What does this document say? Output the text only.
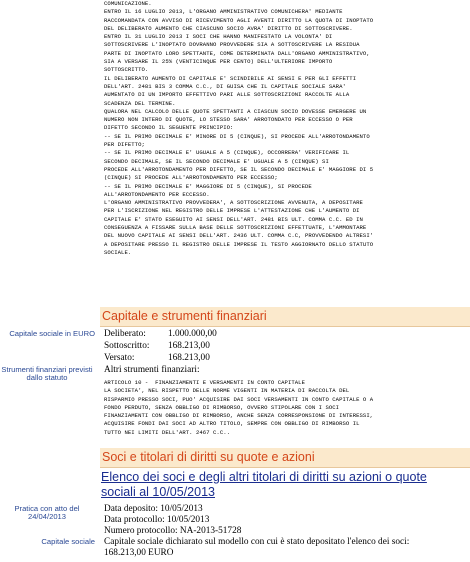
COMUNICAZIONE.
ENTRO IL 16 LUGLIO 2013, L'ORGANO AMMINISTRATIVO COMUNICHERA' MEDIANTE
RACCOMANDATA CON AVVISO DI RICEVIMENTO AGLI AVENTI DIRITTO LA QUOTA DI INOPTATO
DEL DELIBERATO AUMENTO CHE CIASCUNO SOCIO AVRA' DIRITTO DI SOTTOSCRIVERE.
ENTRO IL 31 LUGLIO 2013 I SOCI CHE HANNO MANIFESTATO LA VOLONTA' DI
SOTTOSCRIVERE L'INOPTATO DOVRANNO PROVVEDERE SIA A SOTTOSCRIVERE LA RESIDUA
PARTE DI INOPTATO LORO SPETTANTE, COME DETERMINATA DALL'ORGANO AMMINISTRATIVO,
SIA A VERSARE IL 25% (VENTICINQUE PER CENTO) DELL'ULTERIORE IMPORTO
SOTTOSCRITTO.
IL DELIBERATO AUMENTO DI CAPITALE E' SCINDIBILE AI SENSI E PER GLI EFFETTI
DELL'ART. 2481 BIS 3 COMMA C.C., DI GUISA CHE IL CAPITALE SOCIALE SARA'
AUMENTATO DI UN IMPORTO EFFETTIVO PARI ALLE SOTTOSCRIZIONI RACCOLTE ALLA
SCADENZA DEL TERMINE.
QUALORA NEL CALCOLO DELLE QUOTE SPETTANTI A CIASCUN SOCIO DOVESSE EMERGERE UN
NUMERO NON INTERO DI QUOTE, LO STESSO SARA' ARROTONDATO PER ECCESSO O PER
DIFETTO SECONDO IL SEGUENTE PRINCIPIO:
-- SE IL PRIMO DECIMALE E' MINORE DI 5 (CINQUE), SI PROCEDE ALL'ARROTONDAMENTO
PER DIFETTO;
-- SE IL PRIMO DECIMALE E' UGUALE A 5 (CINQUE), OCCORRERA' VERIFICARE IL
SECONDO DECIMALE, SE IL SECONDO DECIMALE E' UGUALE A 5 (CINQUE) SI
PROCEDE ALL'ARROTONDAMENTO PER DIFETTO, SE IL SECONDO DECIMALE E' MAGGIORE DI 5
(CINQUE) SI PROCEDE ALL'ARROTONDAMENTO PER ECCESSO;
-- SE IL PRIMO DECIMALE E' MAGGIORE DI 5 (CINQUE), SI PROCEDE
ALL'ARROTONDAMENTO PER ECCESSO.
L'ORGANO AMMINISTRATIVO PROVVEDERA', A SOTTOSCRIZIONE AVVENUTA, A DEPOSITARE
PER L'ISCRIZIONE NEL REGISTRO DELLE IMPRESE L'ATTESTAZIONE CHE L'AUMENTO DI
CAPITALE E' STATO ESEGUITO AI SENSI DELL'ART. 2481 BIS ULT. COMMA C.C. ED IN
CONSEGUENZA A FISSARE SULLA BASE DELLE SOTTOSCRIZIONI EFFETTUATE, L'AMMONTARE
DEL NUOVO CAPITALE AI SENSI DELL'ART. 2436 ULT. COMMA C.C, PROVVEDENDO ALTRESI'
A DEPOSITARE PRESSO IL REGISTRO DELLE IMPRESE IL TESTO AGGIORNATO DELLO STATUTO
SOCIALE.
Capitale e strumenti finanziari
Capitale sociale in EURO Deliberato: 1.000.000,00
Sottoscritto: 168.213,00
Versato:	168.213,00
Strumenti finanziari previsti dallo statuto
Altri strumenti finanziari:
ARTICOLO 10 -  FINANZIAMENTI E VERSAMENTI IN CONTO CAPITALE
LA SOCIETA', NEL RISPETTO DELLE NORME VIGENTI IN MATERIA DI RACCOLTA DEL
RISPARMIO PRESSO SOCI, PUO' ACQUISIRE DAI SOCI VERSAMENTI IN CONTO CAPITALE O A
FONDO PERDUTO, SENZA OBBLIGO DI RIMBORSO, OVVERO STIPOLARE CON I SOCI
FINANZIAMENTI CON OBBLIGO DI RIMBORSO, ANCHE SENZA CORRESPONSIONE DI INTERESSI,
ACQUISIRE FONDI DAI SOCI AD ALTRO TITOLO, SEMPRE CON OBBLIGO DI RIMBORSO IL
TUTTO NEI LIMITI DELL'ART. 2467 C.C..
Soci e titolari di diritti su quote e azioni
Elenco dei soci e degli altri titolari di diritti su azioni o quote sociali al 10/05/2013
Pratica con atto del 24/04/2013
Data deposito: 10/05/2013
Data protocollo: 10/05/2013
Numero protocollo: NA-2013-51728
Capitale sociale Capitale sociale dichiarato sul modello con cui è stato depositato l'elenco dei soci: 168.213,00 EURO
